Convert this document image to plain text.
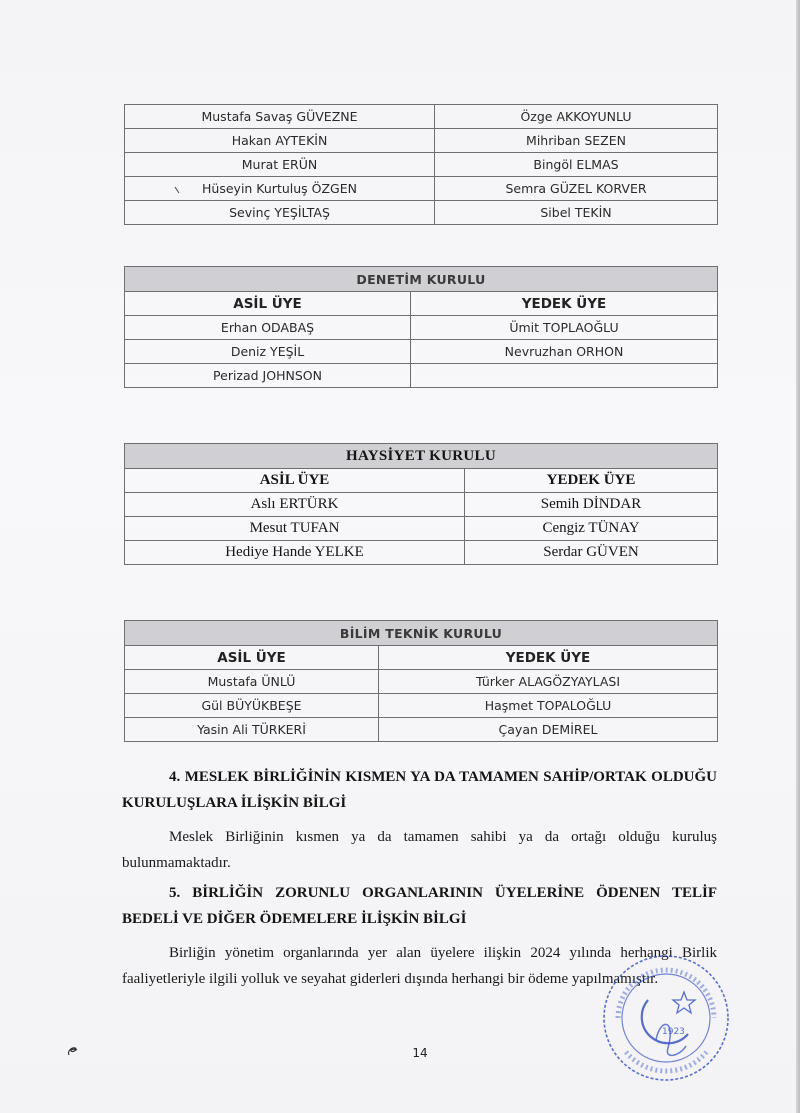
Mustafa Savaş GÜVEZNE	Özge AKKOYUNLU
Hakan AYTEKİN	Mihriban SEZEN
Murat ERÜN	Bingöl ELMAS
Hüseyin Kurtuluş ÖZGEN	Semra GÜZEL KORVER
Sevinç YEŞİLTAŞ	Sibel TEKİN
DENETİM KURULU	
ASİL ÜYE	YEDEK ÜYE
Erhan ODABAŞ	Ümit TOPLAOĞLU
Deniz YEŞİL	Nevruzhan ORHON
Perizad JOHNSON	
HAYSİYET KURULU	
ASİL ÜYE	YEDEK ÜYE
Aslı ERTÜRK	Semih DİNDAR
Mesut TUFAN	Cengiz TÜNAY
Hediye Hande YELKE	Serdar GÜVEN
BİLİM TEKNİK KURULU	
ASİL ÜYE	YEDEK ÜYE
Mustafa ÜNLÜ	Türker ALAGÖZYAYLASI
Gül BÜYÜKBEŞE	Haşmet TOPALOĞLU
Yasin Ali TÜRKERİ	Çayan DEMİREL

4. MESLEK BİRLİĞİNİN KISMEN YA DA TAMAMEN SAHİP/ORTAK OLDUĞU KURULUŞLARA İLİŞKİN BİLGİ

Meslek Birliğinin kısmen ya da tamamen sahibi ya da ortağı olduğu kuruluş bulunmamaktadır.

5. BİRLİĞİN ZORUNLU ORGANLARININ ÜYELERİNE ÖDENEN TELİF BEDELİ VE DİĞER ÖDEMELERE İLİŞKİN BİLGİ

Birliğin yönetim organlarında yer alan üyelere ilişkin 2024 yılında herhangi Birlik faaliyetleriyle ilgili yolluk ve seyahat giderleri dışında herhangi bir ödeme yapılmamıştır.

1923
14
